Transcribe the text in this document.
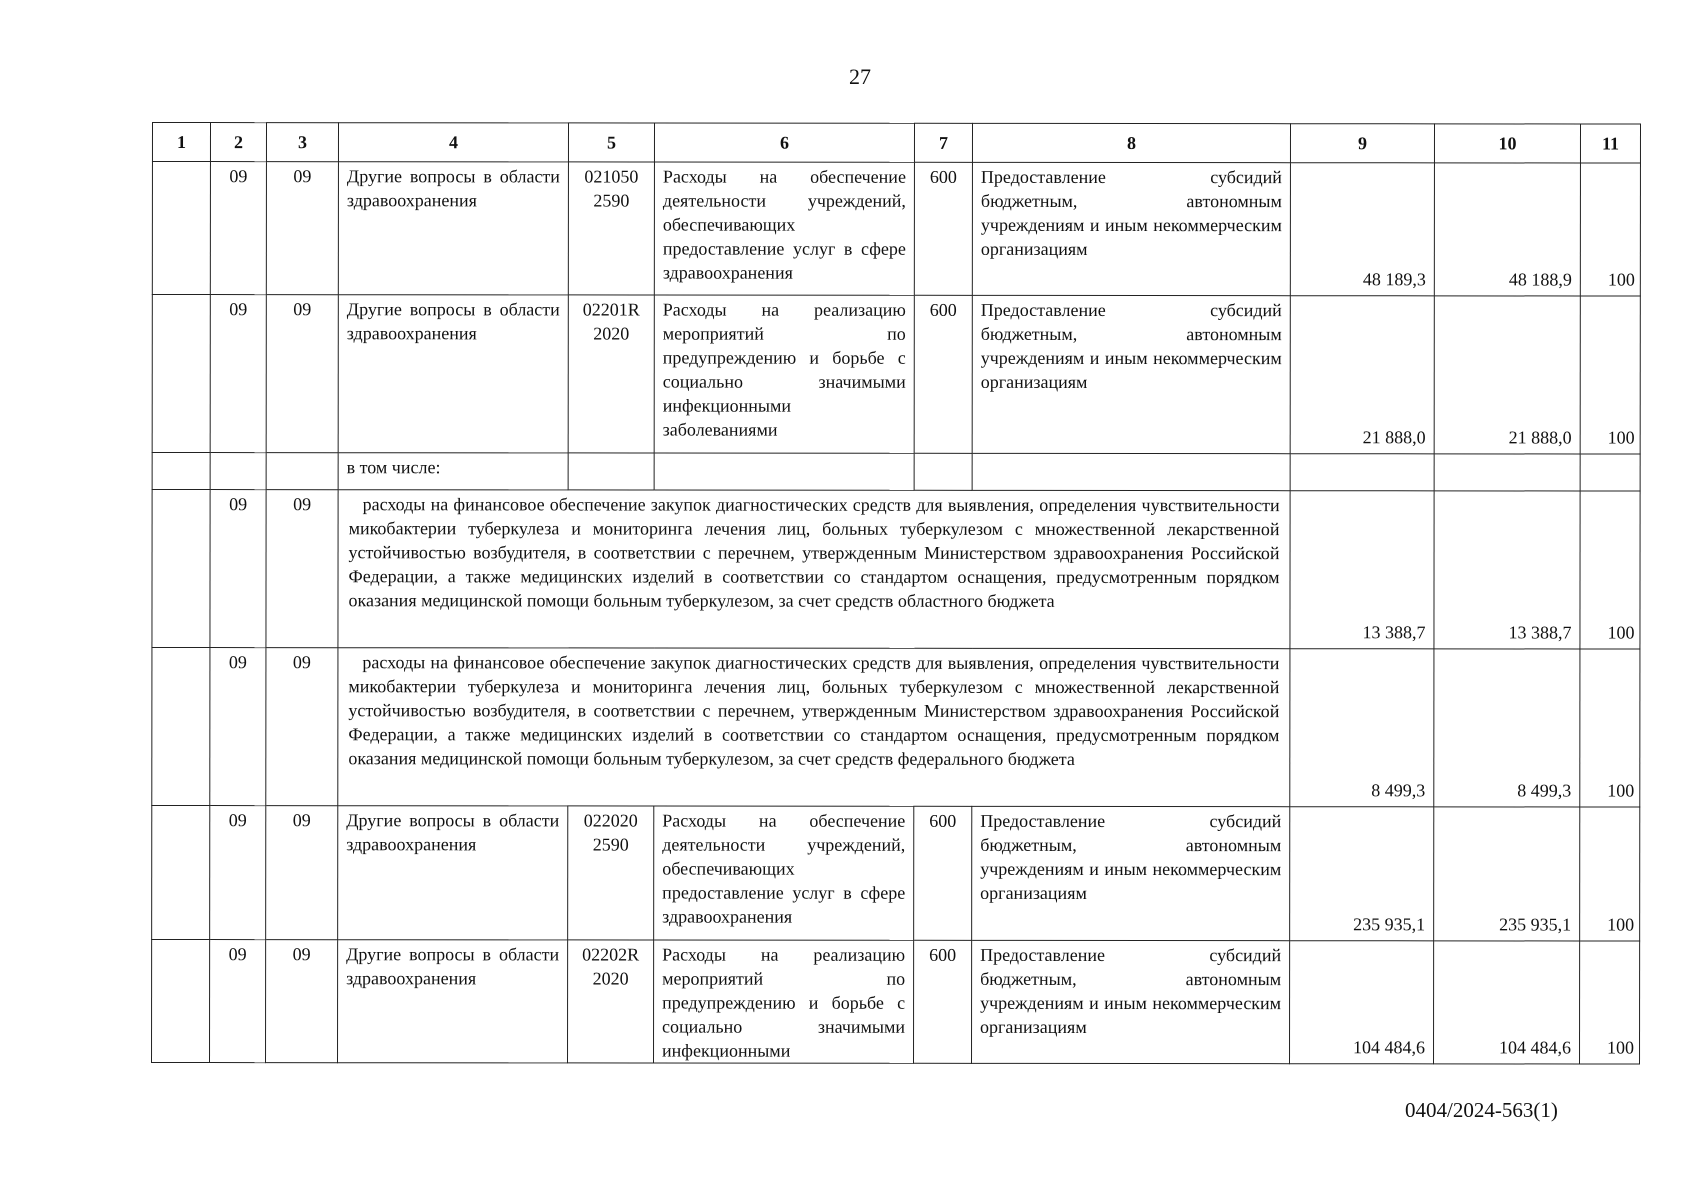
27
1	2	3	4	5	6	7	8	9	10	11
	09	09	Другие вопросы в области здравоохранения	021050 2590	Расходы на обеспечение деятельности учреждений, обеспечивающих предоставление услуг в сфере здравоохранения	600	Предоставление субсидий бюджетным, автономным учреждениям и иным некоммерческим организациям	48 189,3	48 188,9	100
	09	09	Другие вопросы в области здравоохранения	02201R 2020	Расходы на реализацию мероприятий по предупреждению и борьбе с социально значимыми инфекционными заболеваниями	600	Предоставление субсидий бюджетным, автономным учреждениям и иным некоммерческим организациям	21 888,0	21 888,0	100
			в том числе:							
	09	09	расходы на финансовое обеспечение закупок диагностических средств для выявления, определения чувствительности микобактерии туберкулеза и мониторинга лечения лиц, больных туберкулезом с множественной лекарственной устойчивостью возбудителя, в соответствии с перечнем, утвержденным Министерством здравоохранения Российской Федерации, а также медицинских изделий в соответствии со стандартом оснащения, предусмотренным порядком оказания медицинской помощи больным туберкулезом, за счет средств областного бюджета					13 388,7	13 388,7	100
	09	09	расходы на финансовое обеспечение закупок диагностических средств для выявления, определения чувствительности микобактерии туберкулеза и мониторинга лечения лиц, больных туберкулезом с множественной лекарственной устойчивостью возбудителя, в соответствии с перечнем, утвержденным Министерством здравоохранения Российской Федерации, а также медицинских изделий в соответствии со стандартом оснащения, предусмотренным порядком оказания медицинской помощи больным туберкулезом, за счет средств федерального бюджета					8 499,3	8 499,3	100
	09	09	Другие вопросы в области здравоохранения	022020 2590	Расходы на обеспечение деятельности учреждений, обеспечивающих предоставление услуг в сфере здравоохранения	600	Предоставление субсидий бюджетным, автономным учреждениям и иным некоммерческим организациям	235 935,1	235 935,1	100
	09	09	Другие вопросы в области здравоохранения	02202R 2020	Расходы на реализацию мероприятий по предупреждению и борьбе с социально значимыми инфекционными	600	Предоставление субсидий бюджетным, автономным учреждениям и иным некоммерческим организациям	104 484,6	104 484,6	100
0404/2024-563(1)
